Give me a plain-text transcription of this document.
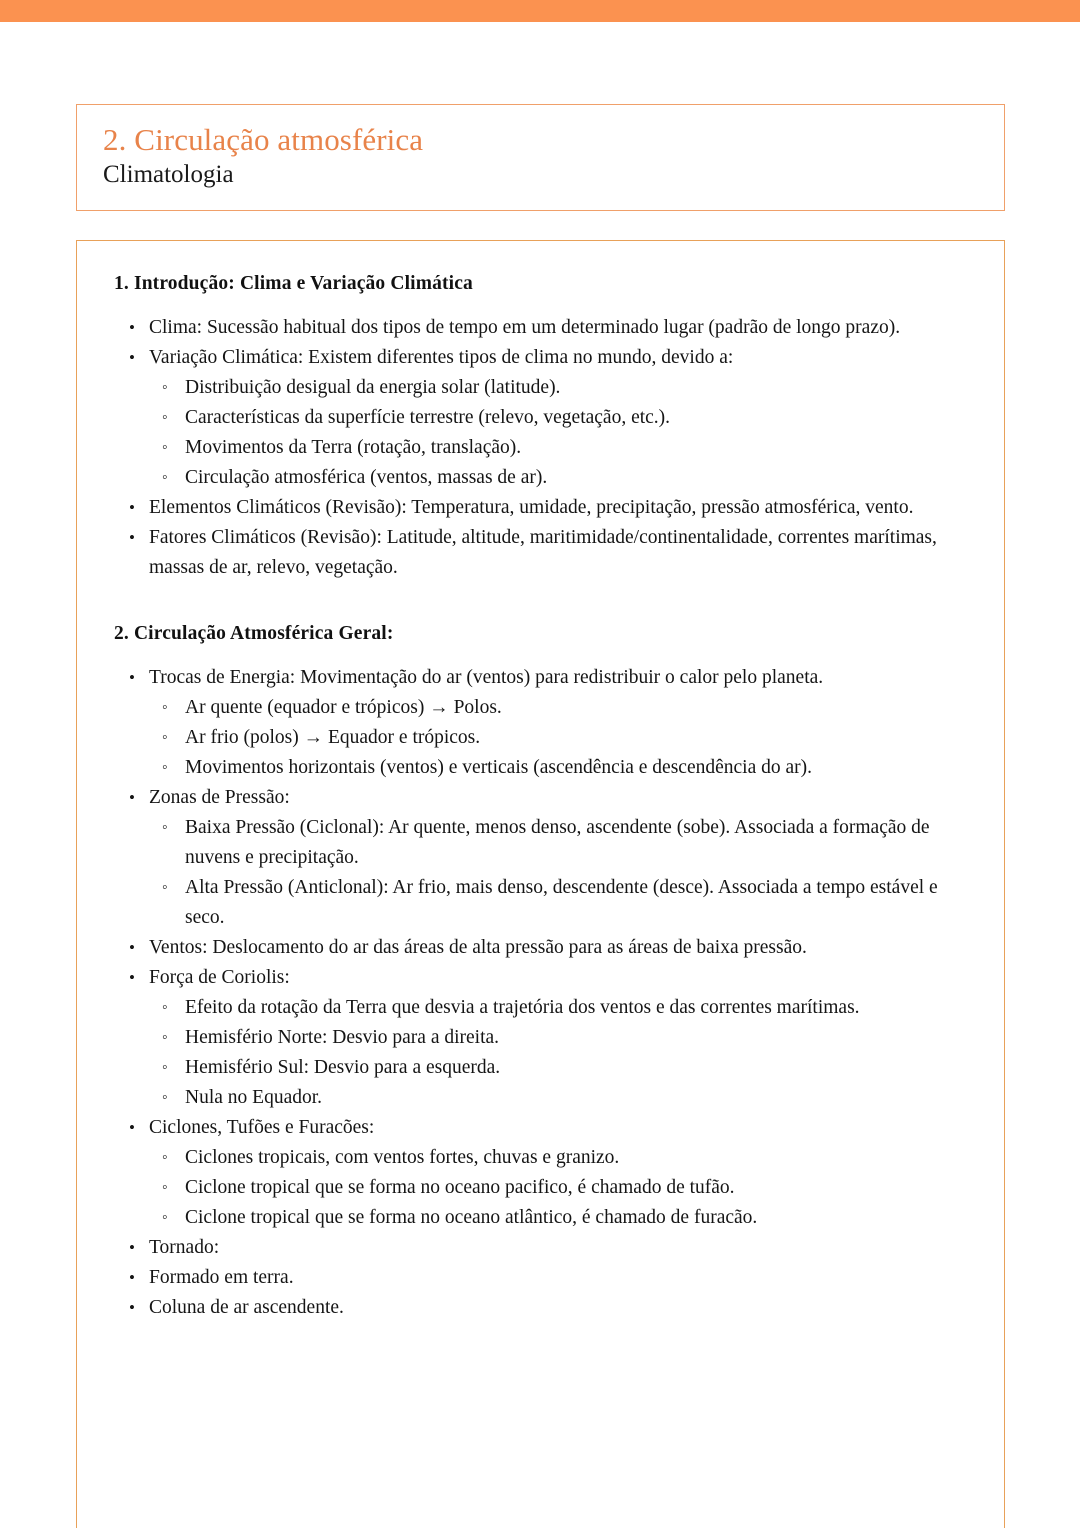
2. Circulação atmosférica
Climatologia
1. Introdução: Clima e Variação Climática
• Clima: Sucessão habitual dos tipos de tempo em um determinado lugar (padrão de longo prazo).
• Variação Climática: Existem diferentes tipos de clima no mundo, devido a:
◦ Distribuição desigual da energia solar (latitude).
◦ Características da superfície terrestre (relevo, vegetação, etc.).
◦ Movimentos da Terra (rotação, translação).
◦ Circulação atmosférica (ventos, massas de ar).
• Elementos Climáticos (Revisão): Temperatura, umidade, precipitação, pressão atmosférica, vento.
• Fatores Climáticos (Revisão): Latitude, altitude, maritimidade/continentalidade, correntes marítimas, massas de ar, relevo, vegetação.
2. Circulação Atmosférica Geral:
• Trocas de Energia: Movimentação do ar (ventos) para redistribuir o calor pelo planeta.
◦ Ar quente (equador e trópicos) → Polos.
◦ Ar frio (polos) → Equador e trópicos.
◦ Movimentos horizontais (ventos) e verticais (ascendência e descendência do ar).
• Zonas de Pressão:
◦ Baixa Pressão (Ciclonal): Ar quente, menos denso, ascendente (sobe). Associada a formação de nuvens e precipitação.
◦ Alta Pressão (Anticlonal): Ar frio, mais denso, descendente (desce). Associada a tempo estável e seco.
• Ventos: Deslocamento do ar das áreas de alta pressão para as áreas de baixa pressão.
• Força de Coriolis:
◦ Efeito da rotação da Terra que desvia a trajetória dos ventos e das correntes marítimas.
◦ Hemisfério Norte: Desvio para a direita.
◦ Hemisfério Sul: Desvio para a esquerda.
◦ Nula no Equador.
• Ciclones, Tufões e Furacões:
◦ Ciclones tropicais, com ventos fortes, chuvas e granizo.
◦ Ciclone tropical que se forma no oceano pacifico, é chamado de tufão.
◦ Ciclone tropical que se forma no oceano atlântico, é chamado de furacão.
• Tornado:
• Formado em terra.
• Coluna de ar ascendente.
